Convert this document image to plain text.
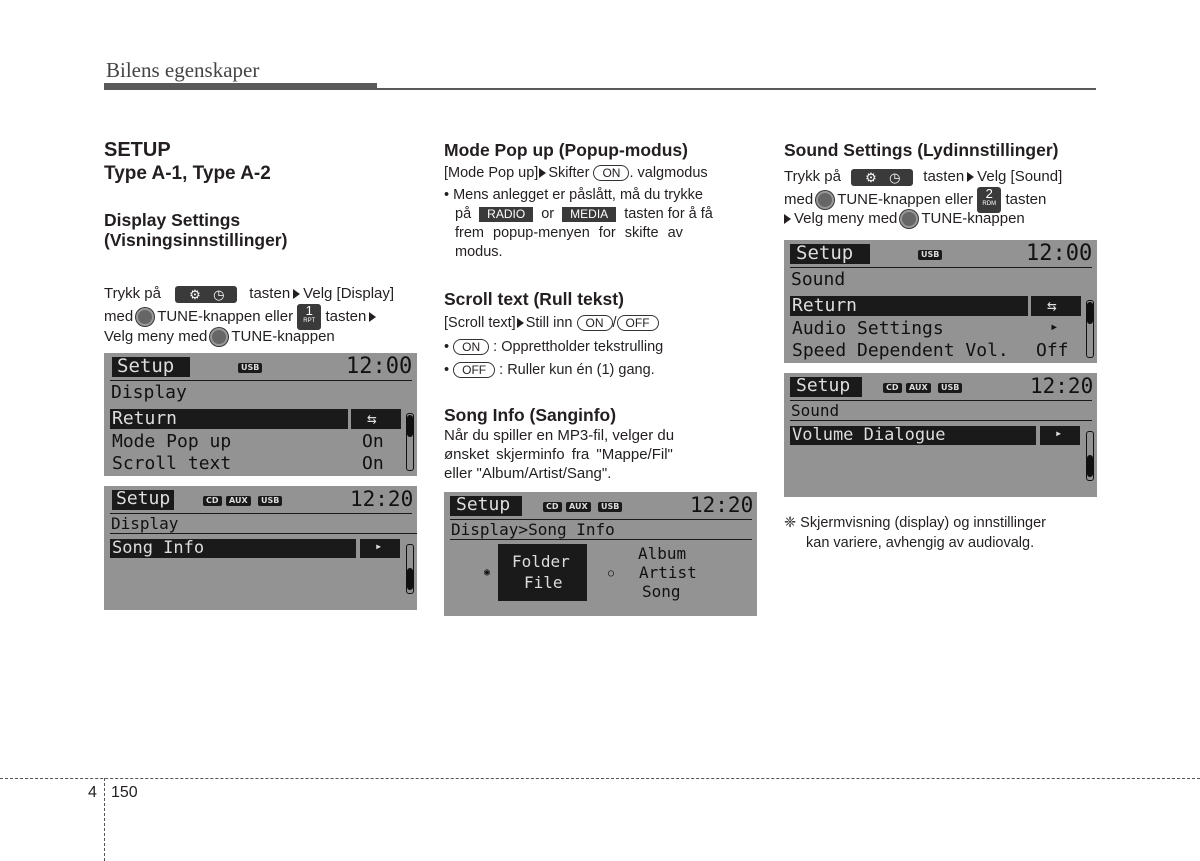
Bilens egenskaper
SETUP
Type A-1, Type A-2
Display Settings
(Visningsinnstillinger)
Trykk på ⚙ ◷ tasten Velg [Display]
med TUNE-knappen eller 1
RPT tasten
Velg meny med TUNE-knappen
Setup	USB	12:00
Display
Return	⇆
Mode Pop up	On
Scroll text	On
Setup	CD	AUX	USB	12:20
Display
Song Info	▸
Mode Pop up (Popup-modus)
[Mode Pop up] Skifter ON . valgmodus
• Mens anlegget er påslått, må du trykke
på RADIO or MEDIA tasten for å få
frem popup-menyen for skifte av
modus.
Scroll text (Rull tekst)
[Scroll text] Still inn ON / OFF
• ON : Opprettholder tekstrulling
• OFF : Ruller kun én (1) gang.
Song Info (Sanginfo)
Når du spiller en MP3-fil, velger du
ønsket skjerminfo fra "Mappe/Fil"
eller "Album/Artist/Sang".
Setup	CD	AUX	USB	12:20
Display>Song Info
◉
Folder
File	○
Album
Artist
Song
Sound Settings (Lydinnstillinger)
Trykk på ⚙ ◷ tasten Velg [Sound]
med TUNE-knappen eller 2
RDM tasten
Velg meny med TUNE-knappen
Setup	USB	12:00
Sound
Return	⇆
Audio Settings	▸
Speed Dependent Vol. Off
Setup	CD	AUX	USB	12:20
Sound
Volume Dialogue	▸
❈ Skjermvisning (display) og innstillinger
kan variere, avhengig av audiovalg.
4 150
